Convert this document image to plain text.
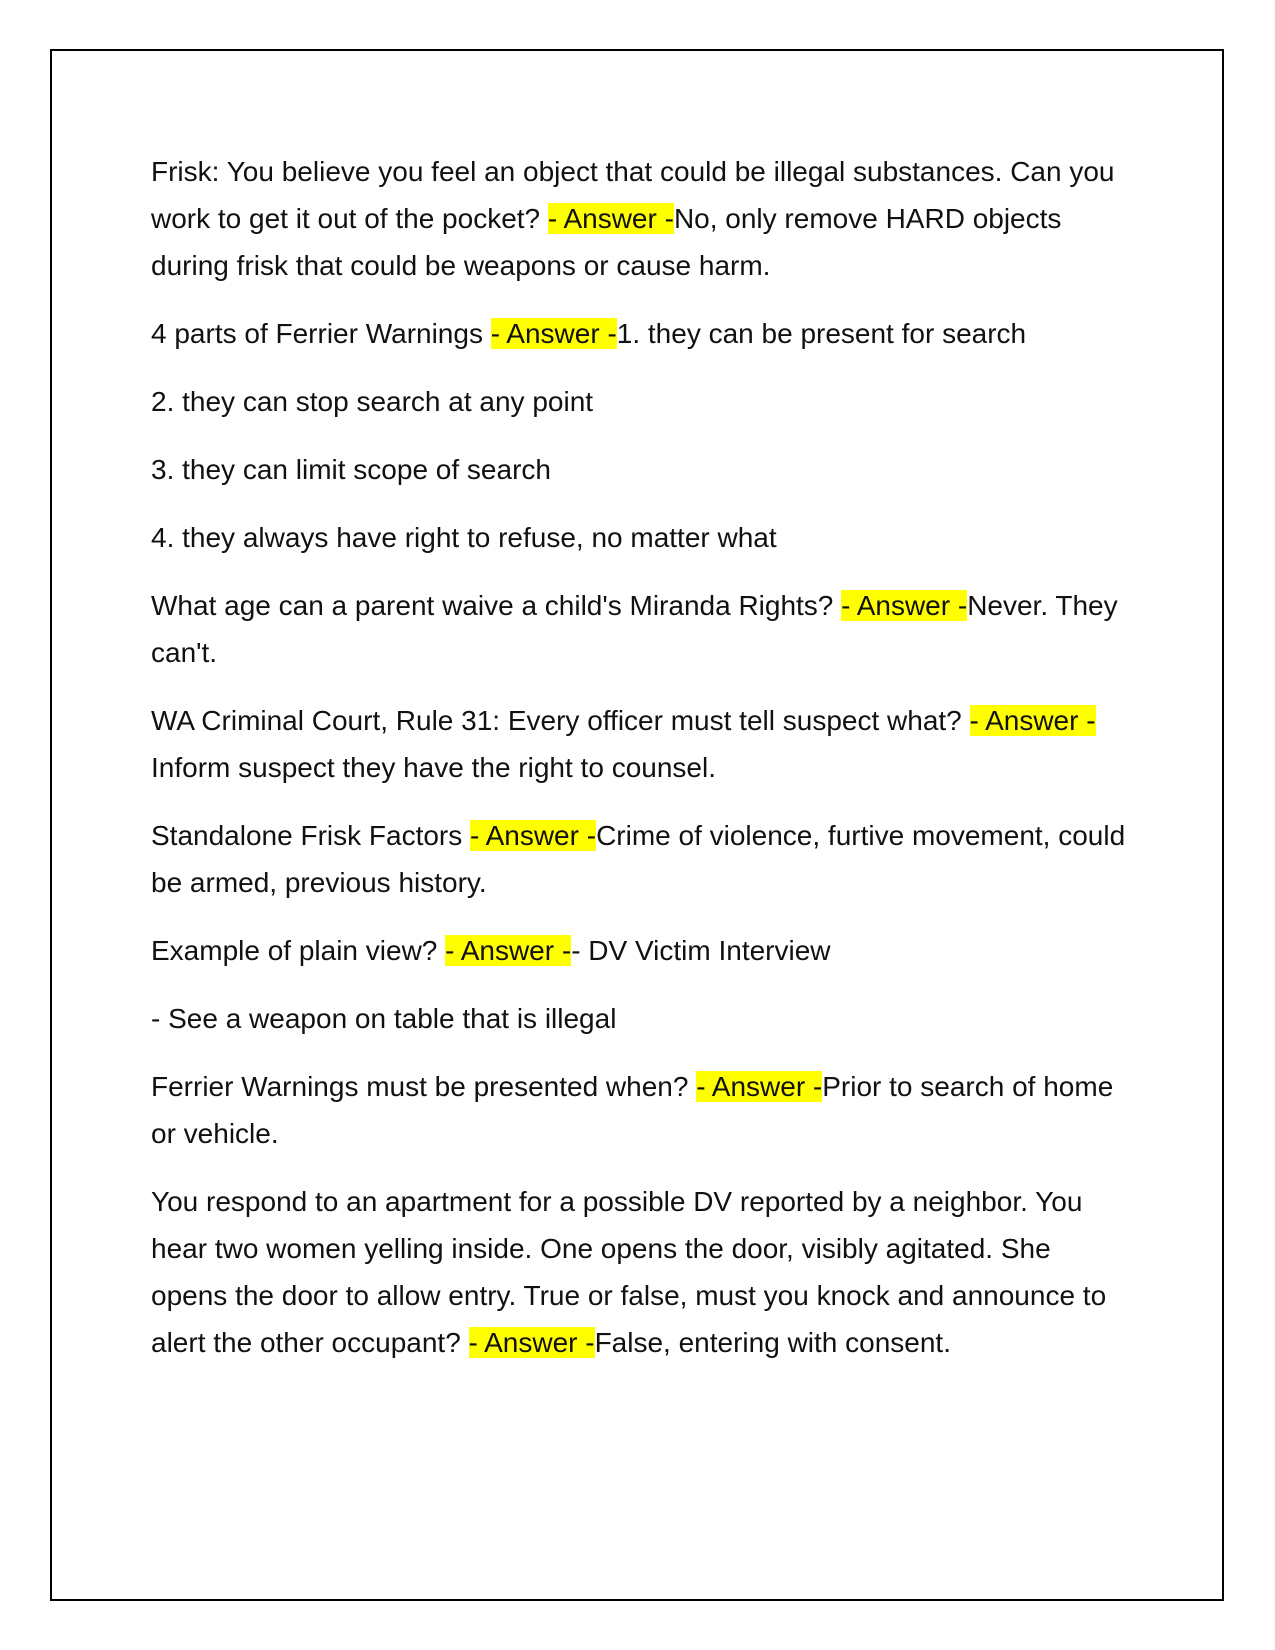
Frisk: You believe you feel an object that could be illegal substances. Can you work to get it out of the pocket? - Answer -No, only remove HARD objects during frisk that could be weapons or cause harm.

4 parts of Ferrier Warnings - Answer -1. they can be present for search

2. they can stop search at any point

3. they can limit scope of search

4. they always have right to refuse, no matter what

What age can a parent waive a child's Miranda Rights? - Answer -Never. They can't.

WA Criminal Court, Rule 31: Every officer must tell suspect what? - Answer -Inform suspect they have the right to counsel.

Standalone Frisk Factors - Answer -Crime of violence, furtive movement, could be armed, previous history.

Example of plain view? - Answer -- DV Victim Interview

- See a weapon on table that is illegal

Ferrier Warnings must be presented when? - Answer -Prior to search of home or vehicle.

You respond to an apartment for a possible DV reported by a neighbor. You hear two women yelling inside. One opens the door, visibly agitated. She opens the door to allow entry. True or false, must you knock and announce to alert the other occupant? - Answer -False, entering with consent.
